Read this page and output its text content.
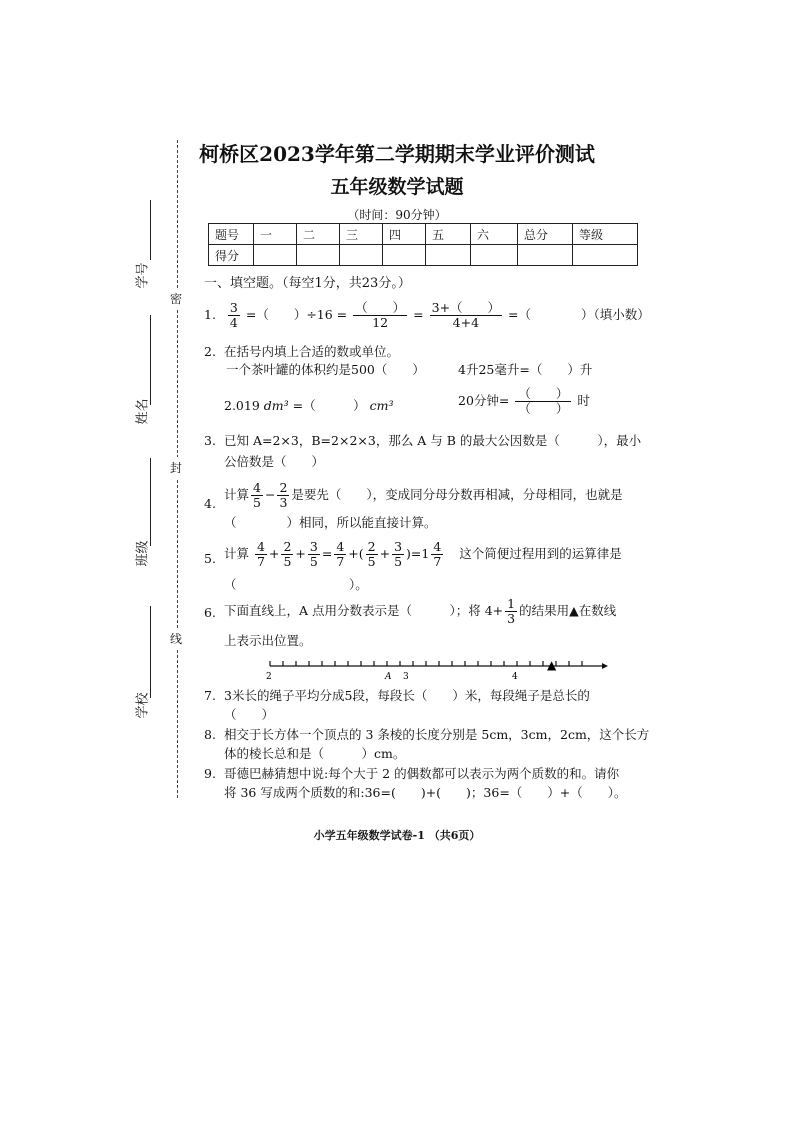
学号
姓名
班级
学校
密
封
线
柯桥区2023学年第二学期期末学业评价测试
五年级数学试题
（时间：90分钟）
题号	一	二	三	四	五	六	总分	等级
得分								
一、填空题。（每空1分，共23分。）
1. $\frac{3}{4}$ =（　　）$\div 16 = \frac{( )}{12} = \frac{3+( )}{4+4}$ =（　　　　）（填小数）
2. 在括号内填上合适的数或单位。
一个茶叶罐的体积约是500（　　）	4升25毫升=（　　）升
2.019 dm³ =（　　　） cm³	20分钟= $\frac{( )}{( )}$ 时
3. 已知 A=2×3，B=2×2×3，那么 A 与 B 的最大公因数是（　　　），最小
公倍数是（　　）
4.
计算 $\frac{4}{5} - \frac{2}{3}$ 是要先（　　），变成同分母分数再相减，分母相同，也就是
（　　　　）相同，所以能直接计算。
5. 计算 $\frac{4}{7} + \frac{2}{5} + \frac{3}{5} = \frac{4}{7}$ +( $\frac{2}{5} + \frac{3}{5} )=1 \frac{4}{7}$ 这个简便过程用到的运算律是
（　　　　　　　　　）。
6. 下面直线上，A 点用分数表示是（　　　）；将 $4+ \frac{1}{3}$ 的结果用▲在数线
上表示出位置。
2	A 3	4
▲
7. 3米长的绳子平均分成5段，每段长（　　）米，每段绳子是总长的
（　　）
8. 相交于长方体一个顶点的 3 条棱的长度分别是 5cm，3cm，2cm，这个长方
体的棱长总和是（　　　）cm。
9. 哥德巴赫猜想中说:每个大于 2 的偶数都可以表示为两个质数的和。请你
将 36 写成两个质数的和:36=(　　)+(　　)；36=（　　）+（　　）。
小学五年级数学试卷-1 （共6页）
